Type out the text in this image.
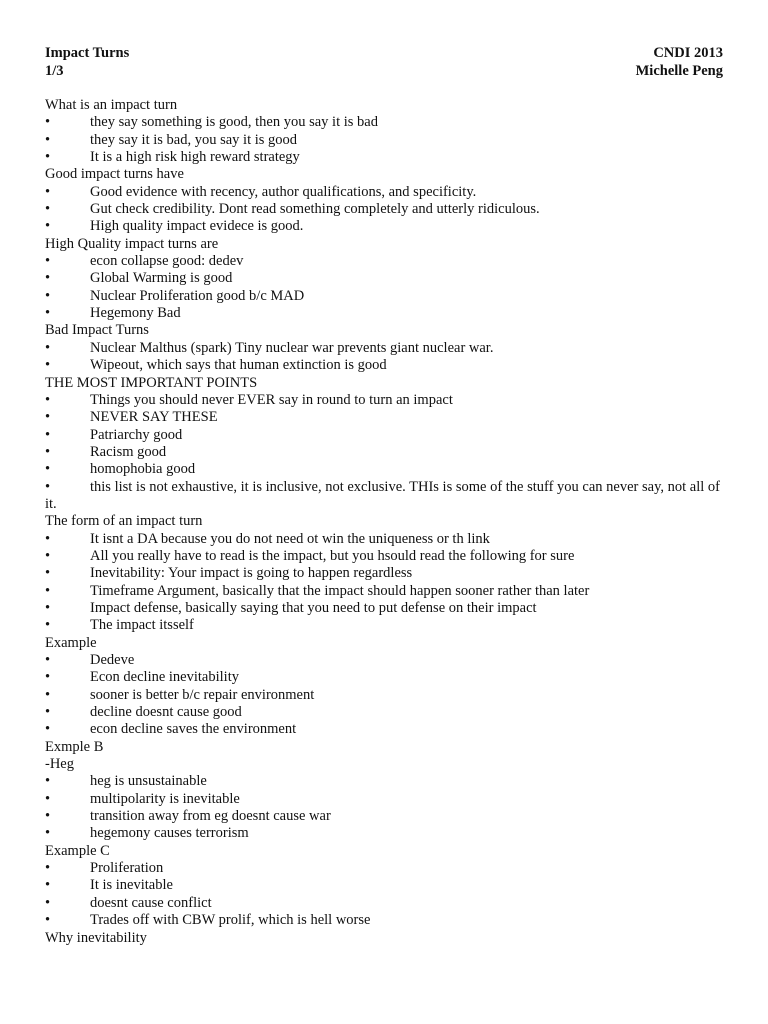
Impact Turns	CNDI 2013
1/3	Michelle Peng
What is an impact turn
•	they say something is good, then you say it is bad
•	they say it is bad, you say it is good
•	It is a high risk high reward strategy
Good impact turns have
•	Good evidence with recency, author qualifications, and specificity.
•	Gut check credibility. Dont read something completely and utterly ridiculous.
•	High quality impact evidece is good.
High Quality impact turns are
•	econ collapse good: dedev
•	Global Warming is good
•	Nuclear Proliferation good b/c MAD
•	Hegemony Bad
Bad Impact Turns
•	Nuclear Malthus (spark) Tiny nuclear war prevents giant nuclear war.
•	Wipeout, which says that human extinction is good
THE MOST IMPORTANT POINTS
•	Things you should never EVER say in round to turn an impact
•	NEVER SAY THESE
•	Patriarchy good
•	Racism good
•	homophobia good
•	this list is not exhaustive, it is inclusive, not exclusive. THIs is some of the stuff you can never say, not all of it.
The form of an impact turn
•	It isnt a DA because you do not need ot win the uniqueness or th link
•	All you really have to read is the impact, but you hsould read the following for sure
•	Inevitability: Your impact is going to happen regardless
•	Timeframe Argument, basically that the impact should happen sooner rather than later
•	Impact defense, basically saying that you need to put defense on their impact
•	The impact itsself
Example
•	Dedeve
•	Econ decline inevitability
•	sooner is better b/c repair environment
•	decline doesnt cause good
•	econ decline saves the environment
Exmple B
-Heg
•	heg is unsustainable
•	multipolarity is inevitable
•	transition away from eg doesnt cause war
•	hegemony causes terrorism
Example C
•	Proliferation
•	It is inevitable
•	doesnt cause conflict
•	Trades off with CBW prolif, which is hell worse
Why inevitability
